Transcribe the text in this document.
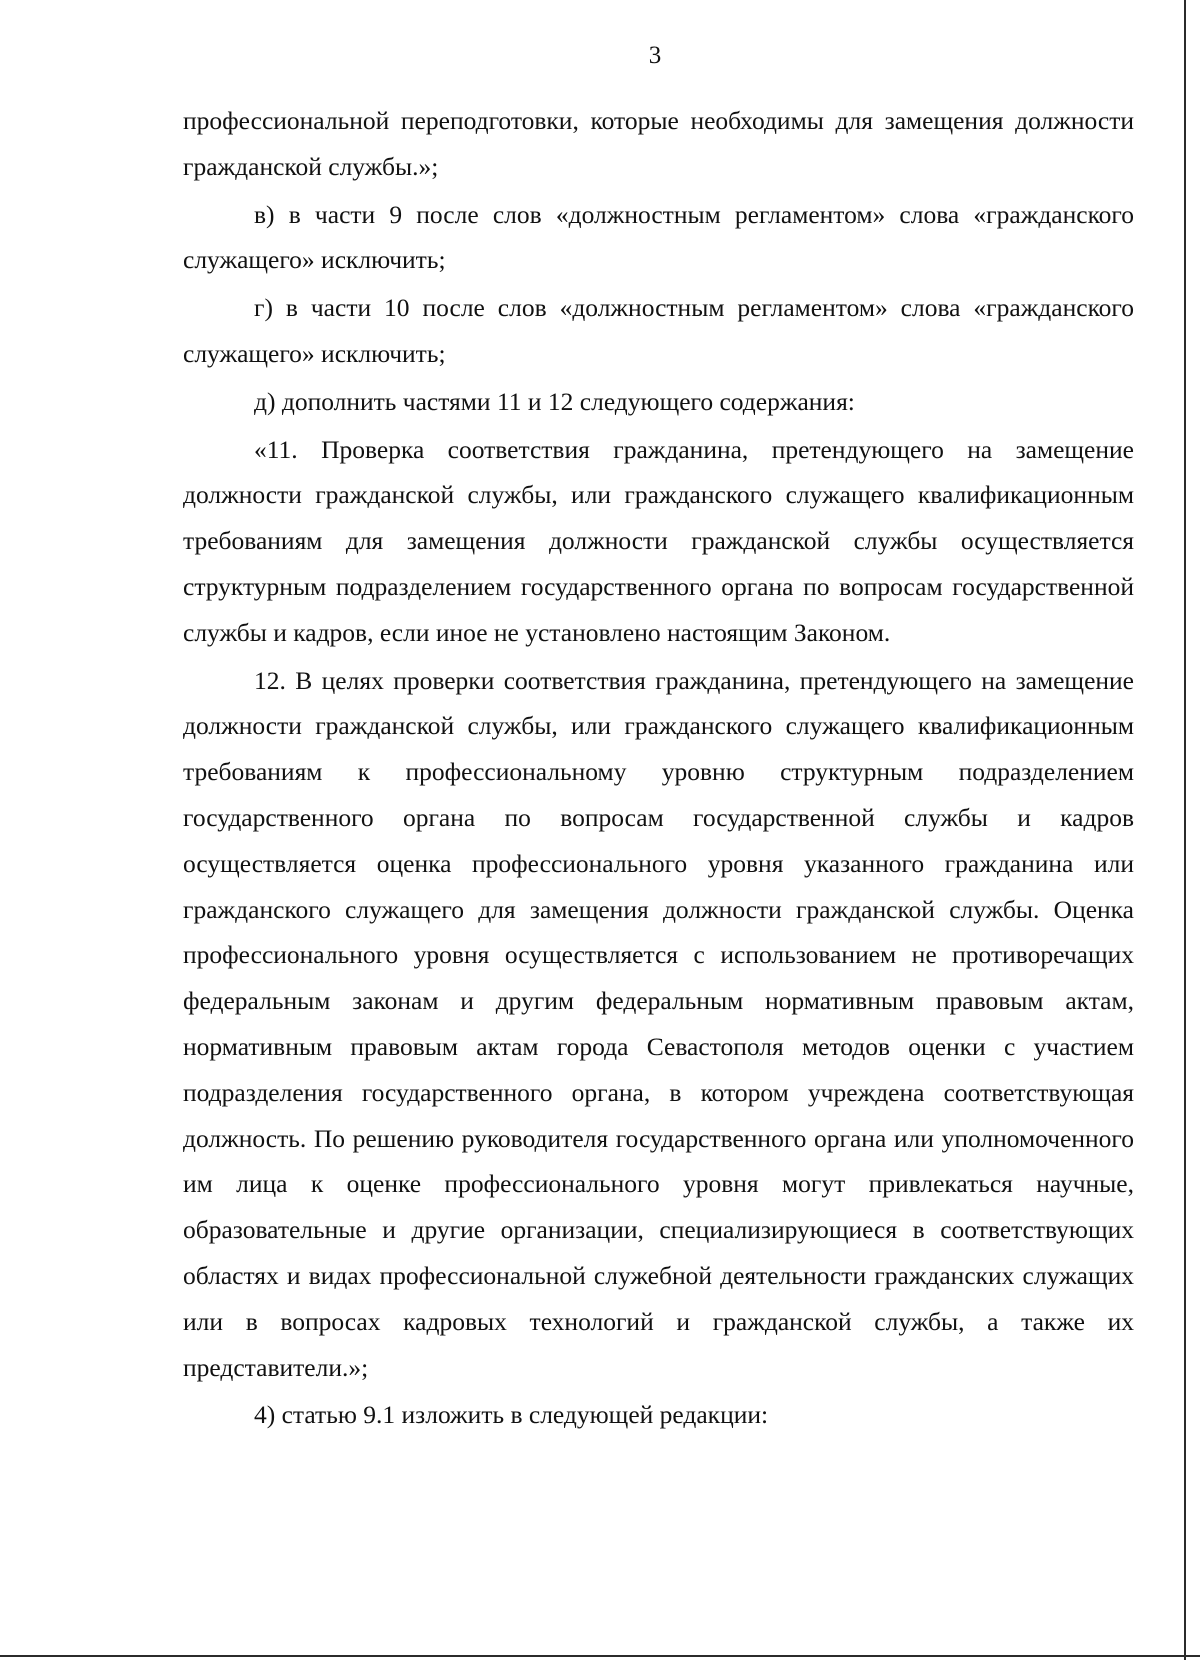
3

профессиональной переподготовки, которые необходимы для замещения должности гражданской службы.»;

в) в части 9 после слов «должностным регламентом» слова «гражданского служащего» исключить;

г) в части 10 после слов «должностным регламентом» слова «гражданского служащего» исключить;

д) дополнить частями 11 и 12 следующего содержания:

«11. Проверка соответствия гражданина, претендующего на замещение должности гражданской службы, или гражданского служащего квалификационным требованиям для замещения должности гражданской службы осуществляется структурным подразделением государственного органа по вопросам государственной службы и кадров, если иное не установлено настоящим Законом.

12. В целях проверки соответствия гражданина, претендующего на замещение должности гражданской службы, или гражданского служащего квалификационным требованиям к профессиональному уровню структурным подразделением государственного органа по вопросам государственной службы и кадров осуществляется оценка профессионального уровня указанного гражданина или гражданского служащего для замещения должности гражданской службы. Оценка профессионального уровня осуществляется с использованием не противоречащих федеральным законам и другим федеральным нормативным правовым актам, нормативным правовым актам города Севастополя методов оценки с участием подразделения государственного органа, в котором учреждена соответствующая должность. По решению руководителя государственного органа или уполномоченного им лица к оценке профессионального уровня могут привлекаться научные, образовательные и другие организации, специализирующиеся в соответствующих областях и видах профессиональной служебной деятельности гражданских служащих или в вопросах кадровых технологий и гражданской службы, а также их представители.»;

4) статью 9.1 изложить в следующей редакции:
